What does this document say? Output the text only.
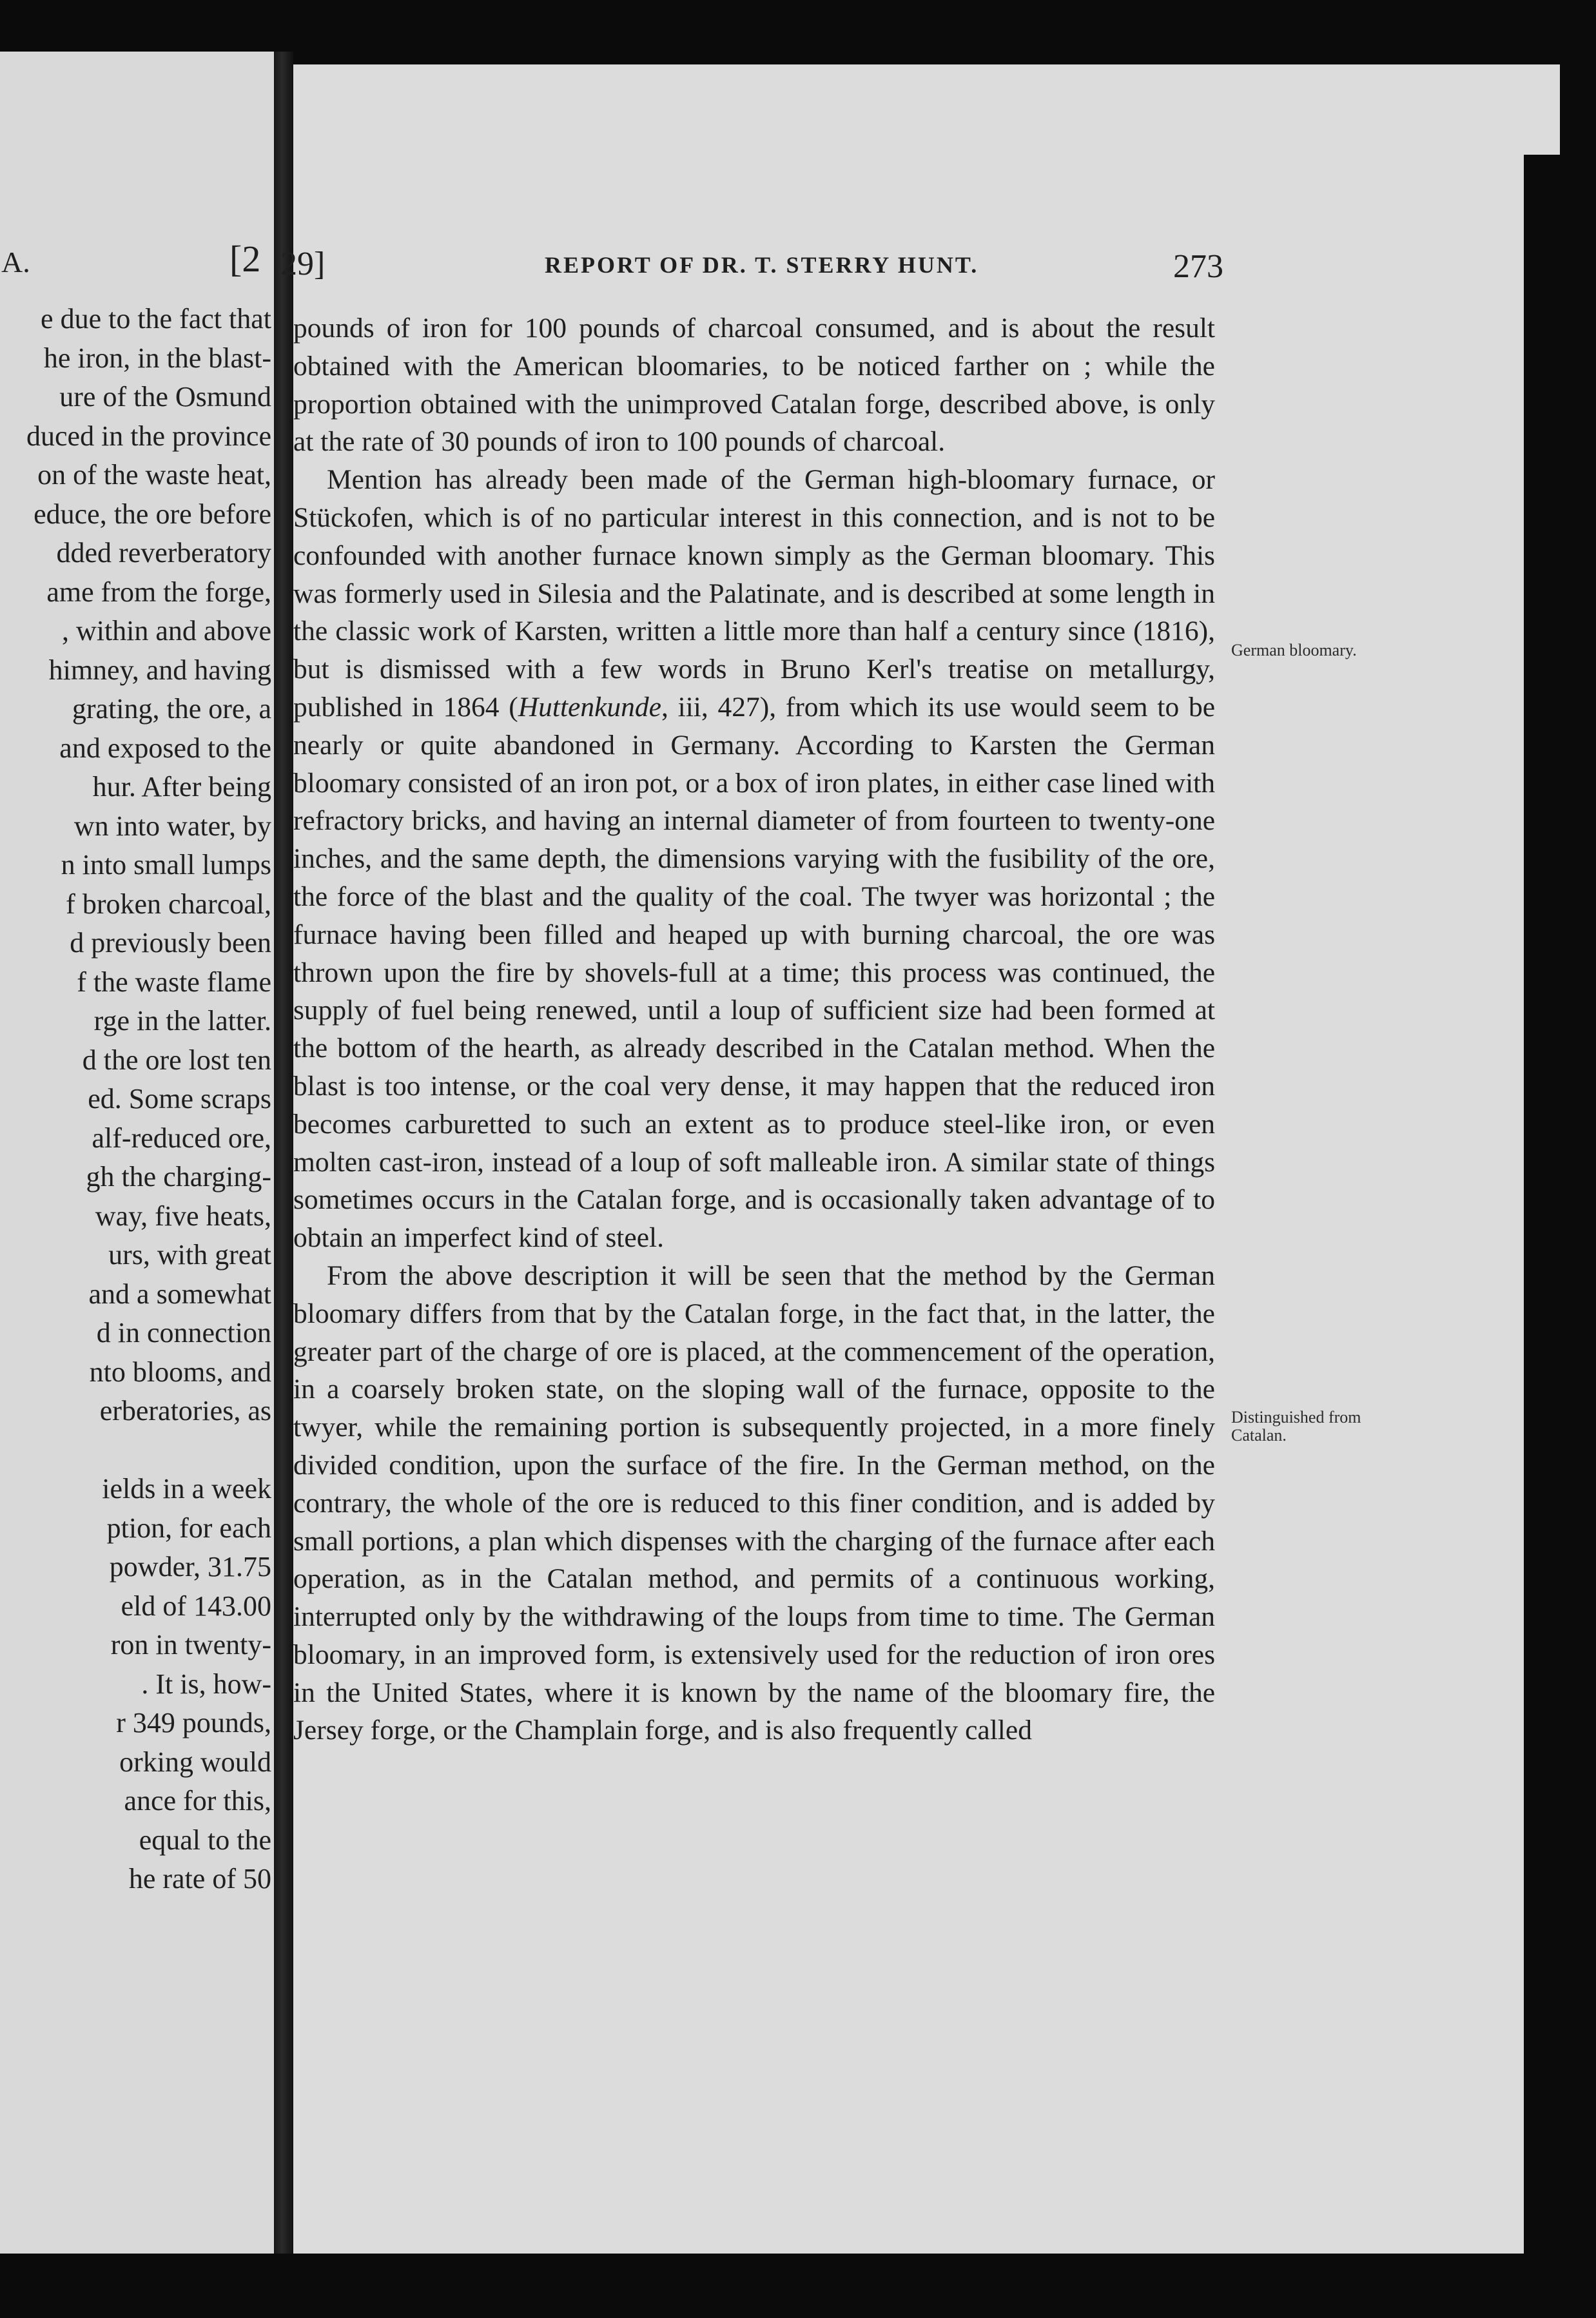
A.	[2
e due to the fact that
he iron, in the blast-
ure of the Osmund
duced in the province
on of the waste heat,
educe, the ore before
dded reverberatory
ame from the forge,
, within and above
himney, and having
grating, the ore, a
and exposed to the
hur. After being
wn into water, by
n into small lumps
f broken charcoal,
d previously been
f the waste flame
rge in the latter.
d the ore lost ten
ed. Some scraps
alf-reduced ore,
gh the charging-
way, five heats,
urs, with great
and a somewhat
d in connection
nto blooms, and
erberatories, as
ields in a week
ption, for each
powder, 31.75
eld of 143.00
ron in twenty-
. It is, how-
r 349 pounds,
orking would
ance for this,
equal to the
he rate of 50
29]	REPORT OF DR. T. STERRY HUNT.	273

pounds of iron for 100 pounds of charcoal consumed, and is about the result obtained with the American bloomaries, to be noticed farther on ; while the proportion obtained with the unimproved Catalan forge, described above, is only at the rate of 30 pounds of iron to 100 pounds of charcoal.

Mention has already been made of the German high-bloomary furnace, or Stückofen, which is of no particular interest in this connection, and is not to be confounded with another furnace known simply as the German bloomary. This was formerly used in Silesia and the Palatinate, and is described at some length in the classic work of Karsten, written a little more than half a century since (1816), but is dismissed with a few words in Bruno Kerl's treatise on metallurgy, published in 1864 (Huttenkunde, iii, 427), from which its use would seem to be nearly or quite abandoned in Germany. According to Karsten the German bloomary consisted of an iron pot, or a box of iron plates, in either case lined with refractory bricks, and having an internal diameter of from fourteen to twenty-one inches, and the same depth, the dimensions varying with the fusibility of the ore, the force of the blast and the quality of the coal. The twyer was horizontal ; the furnace having been filled and heaped up with burning charcoal, the ore was thrown upon the fire by shovels-full at a time; this process was continued, the supply of fuel being renewed, until a loup of sufficient size had been formed at the bottom of the hearth, as already described in the Catalan method. When the blast is too intense, or the coal very dense, it may happen that the reduced iron becomes carburetted to such an extent as to produce steel-like iron, or even molten cast-iron, instead of a loup of soft malleable iron. A similar state of things sometimes occurs in the Catalan forge, and is occasionally taken advantage of to obtain an imperfect kind of steel.

From the above description it will be seen that the method by the German bloomary differs from that by the Catalan forge, in the fact that, in the latter, the greater part of the charge of ore is placed, at the commencement of the operation, in a coarsely broken state, on the sloping wall of the furnace, opposite to the twyer, while the remaining portion is subsequently projected, in a more finely divided condition, upon the surface of the fire. In the German method, on the contrary, the whole of the ore is reduced to this finer condition, and is added by small portions, a plan which dispenses with the charging of the furnace after each operation, as in the Catalan method, and permits of a continuous working, interrupted only by the withdrawing of the loups from time to time. The German bloomary, in an improved form, is extensively used for the reduction of iron ores in the United States, where it is known by the name of the bloomary fire, the Jersey forge, or the Champlain forge, and is also frequently called

German bloomary.
Distinguished from Catalan.
